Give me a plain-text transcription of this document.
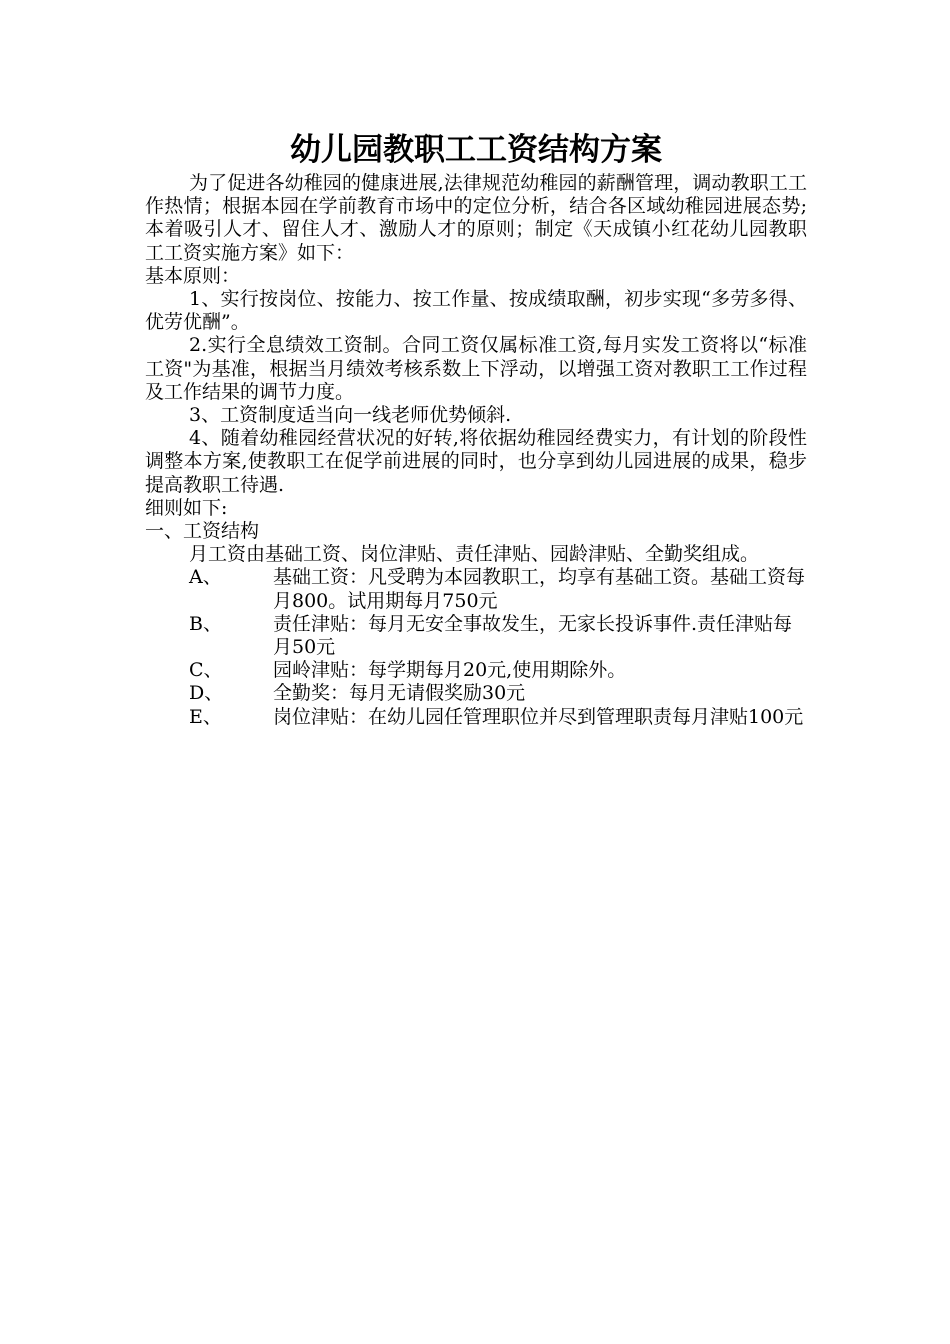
幼儿园教职工工资结构方案

为了促进各幼稚园的健康进展,法律规范幼稚园的薪酬管理，调动教职工工作热情；根据本园在学前教育市场中的定位分析，结合各区域幼稚园进展态势;本着吸引人才、留住人才、激励人才的原则；制定《天成镇小红花幼儿园教职工工资实施方案》如下：

基本原则：

1、实行按岗位、按能力、按工作量、按成绩取酬，初步实现“多劳多得、优劳优酬”。

2.实行全息绩效工资制。合同工资仅属标准工资,每月实发工资将以“标准工资"为基准，根据当月绩效考核系数上下浮动，以增强工资对教职工工作过程及工作结果的调节力度。

3、工资制度适当向一线老师优势倾斜.

4、随着幼稚园经营状况的好转,将依据幼稚园经费实力，有计划的阶段性调整本方案,使教职工在促学前进展的同时，也分享到幼儿园进展的成果，稳步提高教职工待遇.

细则如下:

一、工资结构

月工资由基础工资、岗位津贴、责任津贴、园龄津贴、全勤奖组成。

A、	基础工资：凡受聘为本园教职工，均享有基础工资。基础工资每月800。试用期每月750元
B、	责任津贴：每月无安全事故发生，无家长投诉事件.责任津贴每月50元
C、	园岭津贴：每学期每月20元,使用期除外。
D、	全勤奖：每月无请假奖励30元
E、	岗位津贴：在幼儿园任管理职位并尽到管理职责每月津贴100元
